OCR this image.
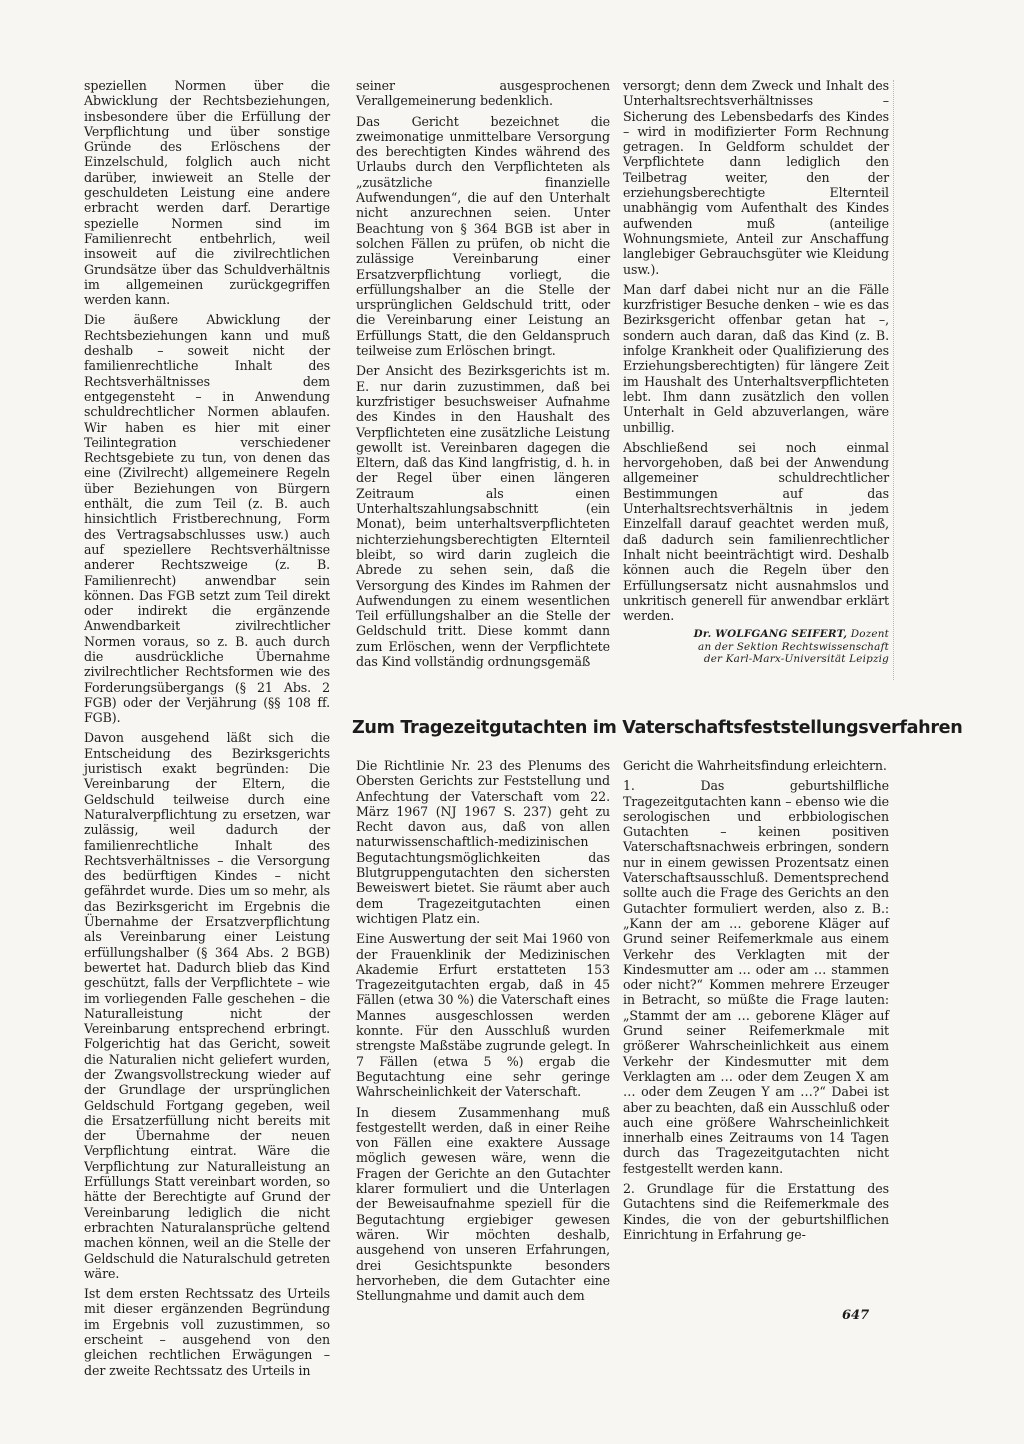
speziellen Normen über die Abwicklung der Rechtsbeziehungen, insbesondere über die Erfüllung der Verpflichtung und über sonstige Gründe des Erlöschens der Einzelschuld, folglich auch nicht darüber, inwieweit an Stelle der geschuldeten Leistung eine andere erbracht werden darf. Derartige spezielle Normen sind im Familienrecht entbehrlich, weil insoweit auf die zivilrechtlichen Grundsätze über das Schuldverhältnis im allgemeinen zurückgegriffen werden kann.

Die äußere Abwicklung der Rechtsbeziehungen kann und muß deshalb – soweit nicht der familienrechtliche Inhalt des Rechtsverhältnisses dem entgegensteht – in Anwendung schuldrechtlicher Normen ablaufen. Wir haben es hier mit einer Teilintegration verschiedener Rechtsgebiete zu tun, von denen das eine (Zivilrecht) allgemeinere Regeln über Beziehungen von Bürgern enthält, die zum Teil (z. B. auch hinsichtlich Fristberechnung, Form des Vertragsabschlusses usw.) auch auf speziellere Rechtsverhältnisse anderer Rechtszweige (z. B. Familienrecht) anwendbar sein können. Das FGB setzt zum Teil direkt oder indirekt die ergänzende Anwendbarkeit zivilrechtlicher Normen voraus, so z. B. auch durch die ausdrückliche Übernahme zivilrechtlicher Rechtsformen wie des Forderungsübergangs (§ 21 Abs. 2 FGB) oder der Verjährung (§§ 108 ff. FGB).

Davon ausgehend läßt sich die Entscheidung des Bezirksgerichts juristisch exakt begründen: Die Vereinbarung der Eltern, die Geldschuld teilweise durch eine Naturalverpflichtung zu ersetzen, war zulässig, weil dadurch der familienrechtliche Inhalt des Rechtsverhältnisses – die Versorgung des bedürftigen Kindes – nicht gefährdet wurde. Dies um so mehr, als das Bezirksgericht im Ergebnis die Übernahme der Ersatzverpflichtung als Vereinbarung einer Leistung erfüllungshalber (§ 364 Abs. 2 BGB) bewertet hat. Dadurch blieb das Kind geschützt, falls der Verpflichtete – wie im vorliegenden Falle geschehen – die Naturalleistung nicht der Vereinbarung entsprechend erbringt. Folgerichtig hat das Gericht, soweit die Naturalien nicht geliefert wurden, der Zwangsvollstreckung wieder auf der Grundlage der ursprünglichen Geldschuld Fortgang gegeben, weil die Ersatzerfüllung nicht bereits mit der Übernahme der neuen Verpflichtung eintrat. Wäre die Verpflichtung zur Naturalleistung an Erfüllungs Statt vereinbart worden, so hätte der Berechtigte auf Grund der Vereinbarung lediglich die nicht erbrachten Naturalansprüche geltend machen können, weil an die Stelle der Geldschuld die Naturalschuld getreten wäre.

Ist dem ersten Rechtssatz des Urteils mit dieser ergänzenden Begründung im Ergebnis voll zuzustimmen, so erscheint – ausgehend von den gleichen rechtlichen Erwägungen – der zweite Rechtssatz des Urteils in

seiner ausgesprochenen Verallgemeinerung bedenklich.

Das Gericht bezeichnet die zweimonatige unmittelbare Versorgung des berechtigten Kindes während des Urlaubs durch den Verpflichteten als „zusätzliche finanzielle Aufwendungen“, die auf den Unterhalt nicht anzurechnen seien. Unter Beachtung von § 364 BGB ist aber in solchen Fällen zu prüfen, ob nicht die zulässige Vereinbarung einer Ersatzverpflichtung vorliegt, die erfüllungshalber an die Stelle der ursprünglichen Geldschuld tritt, oder die Vereinbarung einer Leistung an Erfüllungs Statt, die den Geldanspruch teilweise zum Erlöschen bringt.

Der Ansicht des Bezirksgerichts ist m. E. nur darin zuzustimmen, daß bei kurzfristiger besuchsweiser Aufnahme des Kindes in den Haushalt des Verpflichteten eine zusätzliche Leistung gewollt ist. Vereinbaren dagegen die Eltern, daß das Kind langfristig, d. h. in der Regel über einen längeren Zeitraum als einen Unterhaltszahlungsabschnitt (ein Monat), beim unterhaltsverpflichteten nichterziehungsberechtigten Elternteil bleibt, so wird darin zugleich die Abrede zu sehen sein, daß die Versorgung des Kindes im Rahmen der Aufwendungen zu einem wesentlichen Teil erfüllungshalber an die Stelle der Geldschuld tritt. Diese kommt dann zum Erlöschen, wenn der Verpflichtete das Kind vollständig ordnungsgemäß

versorgt; denn dem Zweck und Inhalt des Unterhaltsrechtsverhältnisses – Sicherung des Lebensbedarfs des Kindes – wird in modifizierter Form Rechnung getragen. In Geldform schuldet der Verpflichtete dann lediglich den Teilbetrag weiter, den der erziehungsberechtigte Elternteil unabhängig vom Aufenthalt des Kindes aufwenden muß (anteilige Wohnungsmiete, Anteil zur Anschaffung langlebiger Gebrauchsgüter wie Kleidung usw.).

Man darf dabei nicht nur an die Fälle kurzfristiger Besuche denken – wie es das Bezirksgericht offenbar getan hat –, sondern auch daran, daß das Kind (z. B. infolge Krankheit oder Qualifizierung des Erziehungsberechtigten) für längere Zeit im Haushalt des Unterhaltsverpflichteten lebt. Ihm dann zusätzlich den vollen Unterhalt in Geld abzuverlangen, wäre unbillig.

Abschließend sei noch einmal hervorgehoben, daß bei der Anwendung allgemeiner schuldrechtlicher Bestimmungen auf das Unterhaltsrechtsverhältnis in jedem Einzelfall darauf geachtet werden muß, daß dadurch sein familienrechtlicher Inhalt nicht beeinträchtigt wird. Deshalb können auch die Regeln über den Erfüllungsersatz nicht ausnahmslos und unkritisch generell für anwendbar erklärt werden.

Dr. WOLFGANG SEIFERT, Dozent
an der Sektion Rechtswissenschaft
der Karl-Marx-Universität Leipzig
Zum Tragezeitgutachten im Vaterschaftsfeststellungsverfahren

Die Richtlinie Nr. 23 des Plenums des Obersten Gerichts zur Feststellung und Anfechtung der Vaterschaft vom 22. März 1967 (NJ 1967 S. 237) geht zu Recht davon aus, daß von allen naturwissenschaftlich-medizinischen Begutachtungsmöglichkeiten das Blutgruppengutachten den sichersten Beweiswert bietet. Sie räumt aber auch dem Tragezeitgutachten einen wichtigen Platz ein.

Eine Auswertung der seit Mai 1960 von der Frauenklinik der Medizinischen Akademie Erfurt erstatteten 153 Tragezeitgutachten ergab, daß in 45 Fällen (etwa 30 %) die Vaterschaft eines Mannes ausgeschlossen werden konnte. Für den Ausschluß wurden strengste Maßstäbe zugrunde gelegt. In 7 Fällen (etwa 5 %) ergab die Begutachtung eine sehr geringe Wahrscheinlichkeit der Vaterschaft.

In diesem Zusammenhang muß festgestellt werden, daß in einer Reihe von Fällen eine exaktere Aussage möglich gewesen wäre, wenn die Fragen der Gerichte an den Gutachter klarer formuliert und die Unterlagen der Beweisaufnahme speziell für die Begutachtung ergiebiger gewesen wären. Wir möchten deshalb, ausgehend von unseren Erfahrungen, drei Gesichtspunkte besonders hervorheben, die dem Gutachter eine Stellungnahme und damit auch dem

Gericht die Wahrheitsfindung erleichtern.

1. Das geburtshilfliche Tragezeitgutachten kann – ebenso wie die serologischen und erbbiologischen Gutachten – keinen positiven Vaterschaftsnachweis erbringen, sondern nur in einem gewissen Prozentsatz einen Vaterschaftsausschluß. Dementsprechend sollte auch die Frage des Gerichts an den Gutachter formuliert werden, also z. B.: „Kann der am … geborene Kläger auf Grund seiner Reifemerkmale aus einem Verkehr des Verklagten mit der Kindesmutter am … oder am … stammen oder nicht?“ Kommen mehrere Erzeuger in Betracht, so müßte die Frage lauten: „Stammt der am … geborene Kläger auf Grund seiner Reifemerkmale mit größerer Wahrscheinlichkeit aus einem Verkehr der Kindesmutter mit dem Verklagten am … oder dem Zeugen X am … oder dem Zeugen Y am …?“ Dabei ist aber zu beachten, daß ein Ausschluß oder auch eine größere Wahrscheinlichkeit innerhalb eines Zeitraums von 14 Tagen durch das Tragezeitgutachten nicht festgestellt werden kann.

2. Grundlage für die Erstattung des Gutachtens sind die Reifemerkmale des Kindes, die von der geburtshilflichen Einrichtung in Erfahrung ge-

647
